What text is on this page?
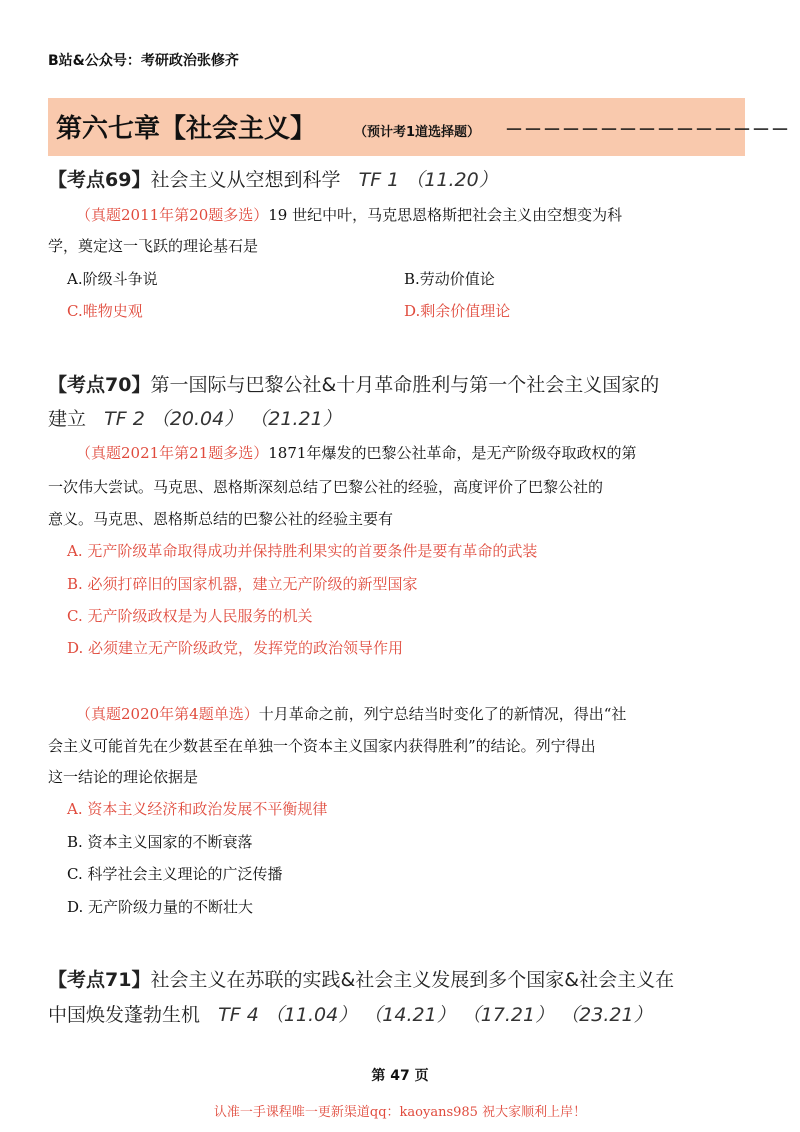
B站&公众号：考研政治张修齐
第六七章【社会主义】	（预计考1道选择题） －－－－－－－－－－－－－－－
【考点69】社会主义从空想到科学 TF 1 （11.20）
（真题2011年第20题多选）19 世纪中叶，马克思恩格斯把社会主义由空想变为科
学，奠定这一飞跃的理论基石是
A.阶级斗争说	B.劳动价值论
C.唯物史观	D.剩余价值理论
【考点70】第一国际与巴黎公社&十月革命胜利与第一个社会主义国家的
建立 TF 2 （20.04） （21.21）
（真题2021年第21题多选）1871年爆发的巴黎公社革命，是无产阶级夺取政权的第
一次伟大尝试。马克思、恩格斯深刻总结了巴黎公社的经验，高度评价了巴黎公社的
意义。马克思、恩格斯总结的巴黎公社的经验主要有
A. 无产阶级革命取得成功并保持胜利果实的首要条件是要有革命的武装
B. 必须打碎旧的国家机器，建立无产阶级的新型国家
C. 无产阶级政权是为人民服务的机关
D. 必须建立无产阶级政党，发挥党的政治领导作用
（真题2020年第4题单选）十月革命之前，列宁总结当时变化了的新情况，得出“社
会主义可能首先在少数甚至在单独一个资本主义国家内获得胜利”的结论。列宁得出
这一结论的理论依据是
A. 资本主义经济和政治发展不平衡规律
B. 资本主义国家的不断衰落
C. 科学社会主义理论的广泛传播
D. 无产阶级力量的不断壮大
【考点71】社会主义在苏联的实践&社会主义发展到多个国家&社会主义在
中国焕发蓬勃生机 TF 4 （11.04） （14.21） （17.21） （23.21）
第 47 页
认准一手课程唯一更新渠道qq：kaoyans985 祝大家顺利上岸！
